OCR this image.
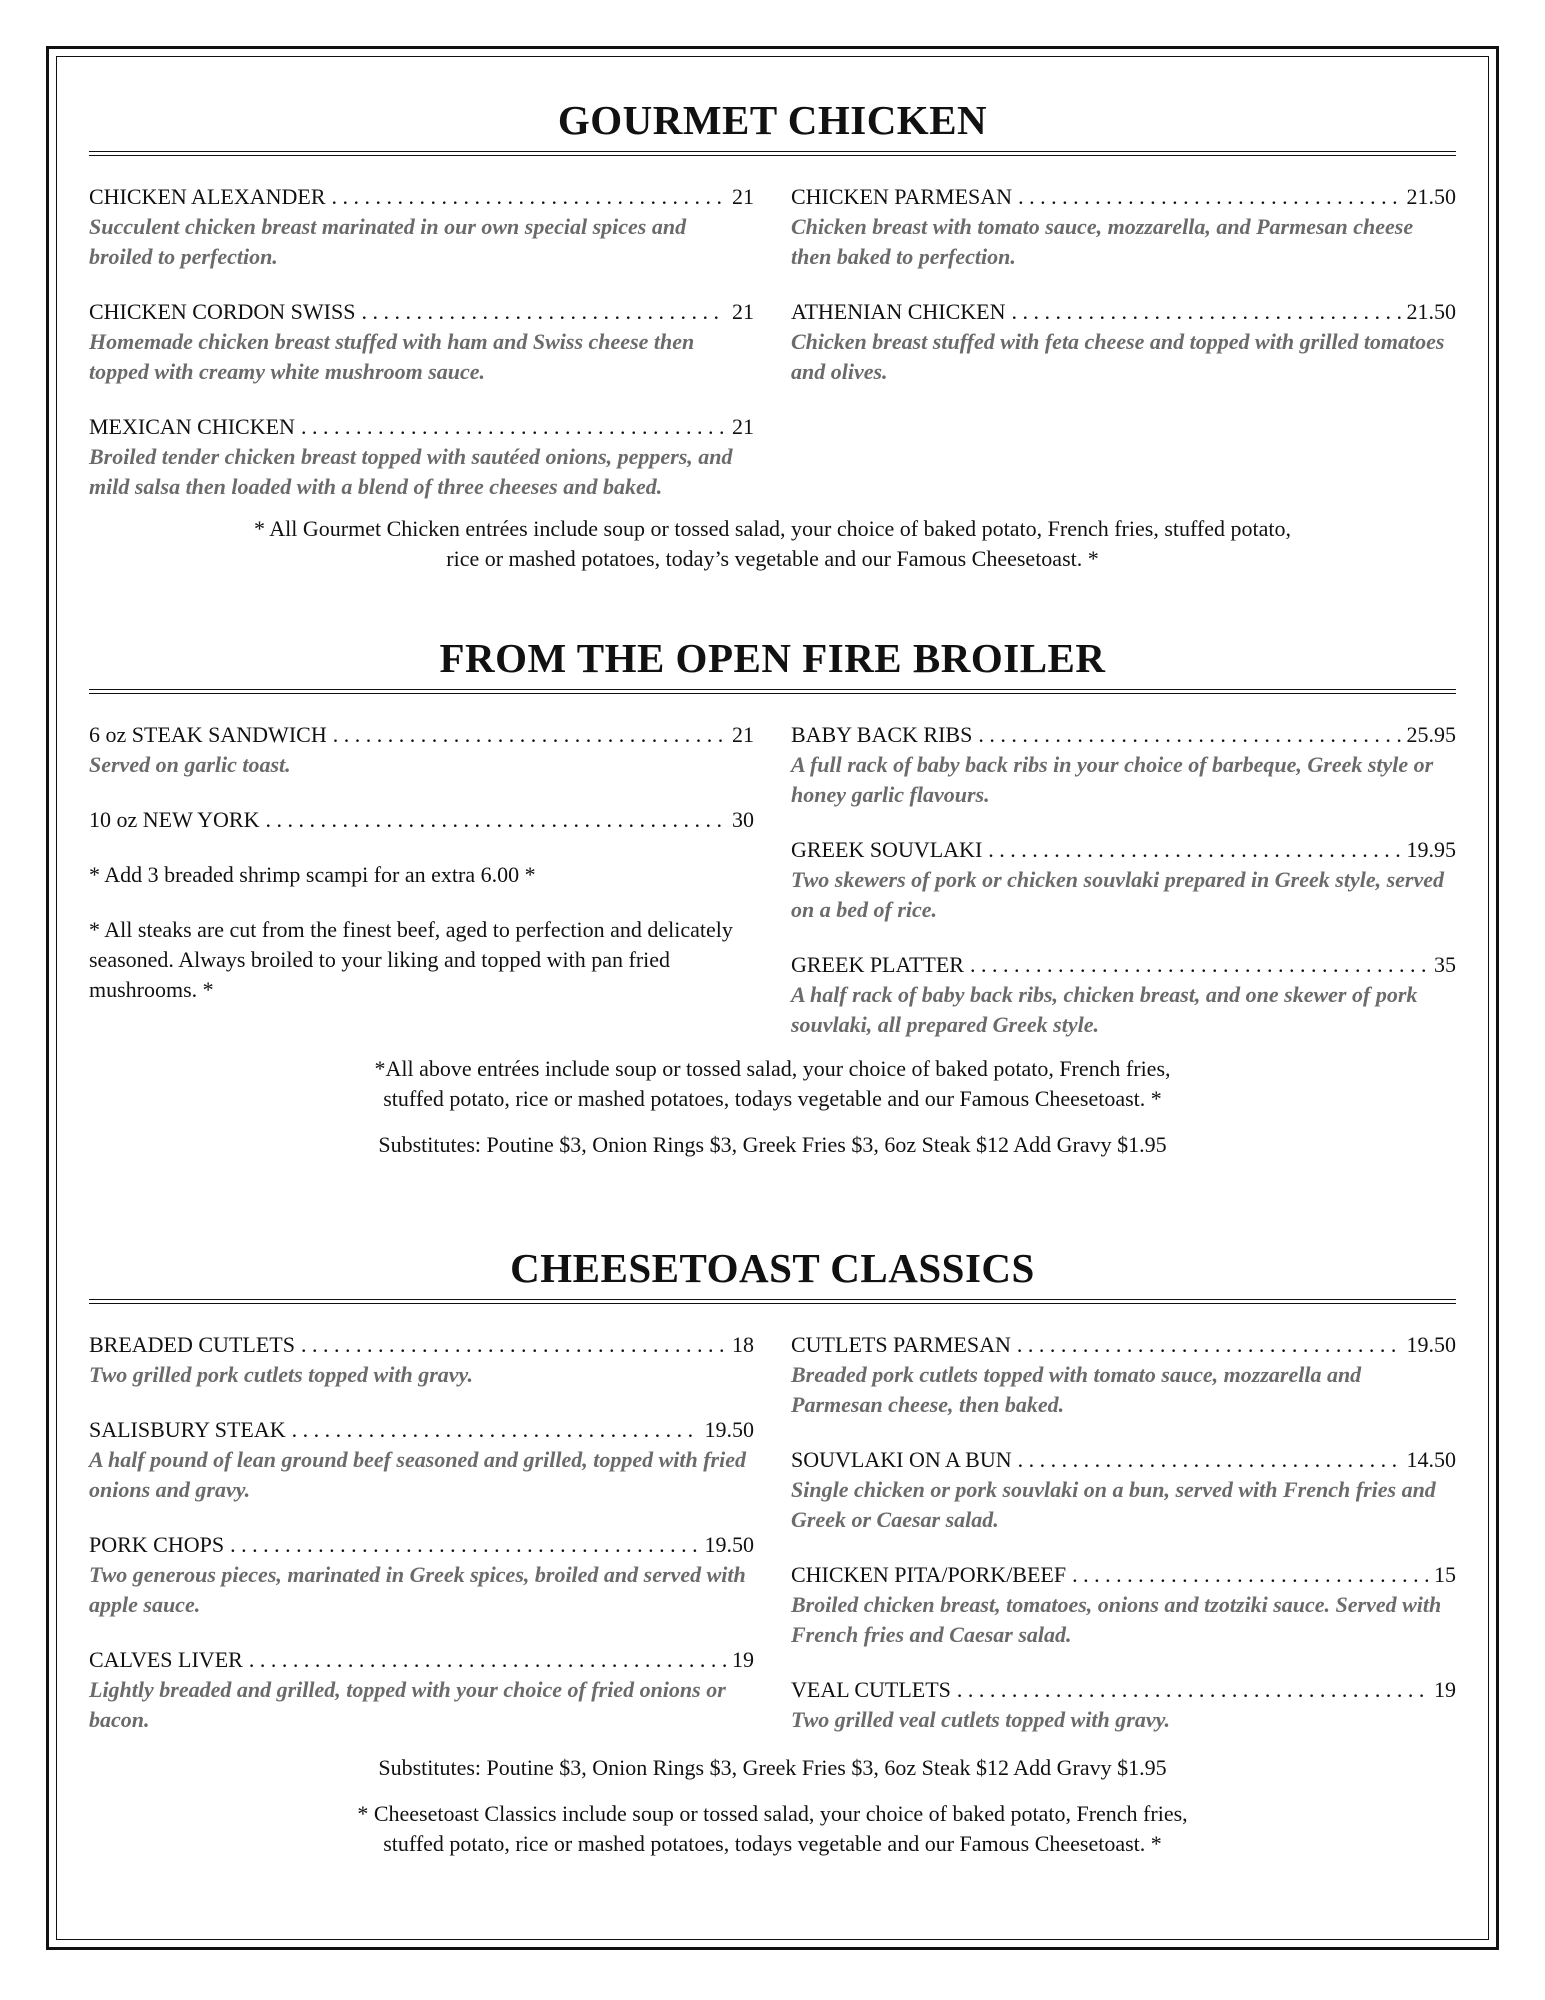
GOURMET CHICKEN
CHICKEN ALEXANDER . . .	21
Succulent chicken breast marinated in our own special spices and broiled to perfection.
CHICKEN CORDON SWISS . . .	21
Homemade chicken breast stuffed with ham and Swiss cheese then topped with creamy white mushroom sauce.
MEXICAN CHICKEN . . .	21
Broiled tender chicken breast topped with sautéed onions, peppers, and mild salsa then loaded with a blend of three cheeses and baked.
CHICKEN PARMESAN . . .	21.50
Chicken breast with tomato sauce, mozzarella, and Parmesan cheese then baked to perfection.
ATHENIAN CHICKEN . . .	21.50
Chicken breast stuffed with feta cheese and topped with grilled tomatoes and olives.
* All Gourmet Chicken entrées include soup or tossed salad, your choice of baked potato, French fries, stuffed potato,
rice or mashed potatoes, today’s vegetable and our Famous Cheesetoast. *
FROM THE OPEN FIRE BROILER
6 oz STEAK SANDWICH . . .	21
Served on garlic toast.
10 oz NEW YORK . . .	30
* Add 3 breaded shrimp scampi for an extra 6.00 *
* All steaks are cut from the finest beef, aged to perfection and delicately seasoned. Always broiled to your liking and topped with pan fried mushrooms. *
BABY BACK RIBS . . .	25.95
A full rack of baby back ribs in your choice of barbeque, Greek style or honey garlic flavours.
GREEK SOUVLAKI . . .	19.95
Two skewers of pork or chicken souvlaki prepared in Greek style, served on a bed of rice.
GREEK PLATTER . . .	35
A half rack of baby back ribs, chicken breast, and one skewer of pork souvlaki, all prepared Greek style.
*All above entrées include soup or tossed salad, your choice of baked potato, French fries,
stuffed potato, rice or mashed potatoes, todays vegetable and our Famous Cheesetoast. *
Substitutes: Poutine $3, Onion Rings $3, Greek Fries $3, 6oz Steak $12 Add Gravy $1.95
CHEESETOAST CLASSICS
BREADED CUTLETS . . .	18
Two grilled pork cutlets topped with gravy.
SALISBURY STEAK . . .	19.50
A half pound of lean ground beef seasoned and grilled, topped with fried onions and gravy.
PORK CHOPS . . .	19.50
Two generous pieces, marinated in Greek spices, broiled and served with apple sauce.
CALVES LIVER . . .	19
Lightly breaded and grilled, topped with your choice of fried onions or bacon.
CUTLETS PARMESAN . . .	19.50
Breaded pork cutlets topped with tomato sauce, mozzarella and Parmesan cheese, then baked.
SOUVLAKI ON A BUN . . .	14.50
Single chicken or pork souvlaki on a bun, served with French fries and Greek or Caesar salad.
CHICKEN PITA/PORK/BEEF . . .	15
Broiled chicken breast, tomatoes, onions and tzotziki sauce. Served with French fries and Caesar salad.
VEAL CUTLETS . . .	19
Two grilled veal cutlets topped with gravy.
Substitutes: Poutine $3, Onion Rings $3, Greek Fries $3, 6oz Steak $12 Add Gravy $1.95
* Cheesetoast Classics include soup or tossed salad, your choice of baked potato, French fries,
stuffed potato, rice or mashed potatoes, todays vegetable and our Famous Cheesetoast. *
